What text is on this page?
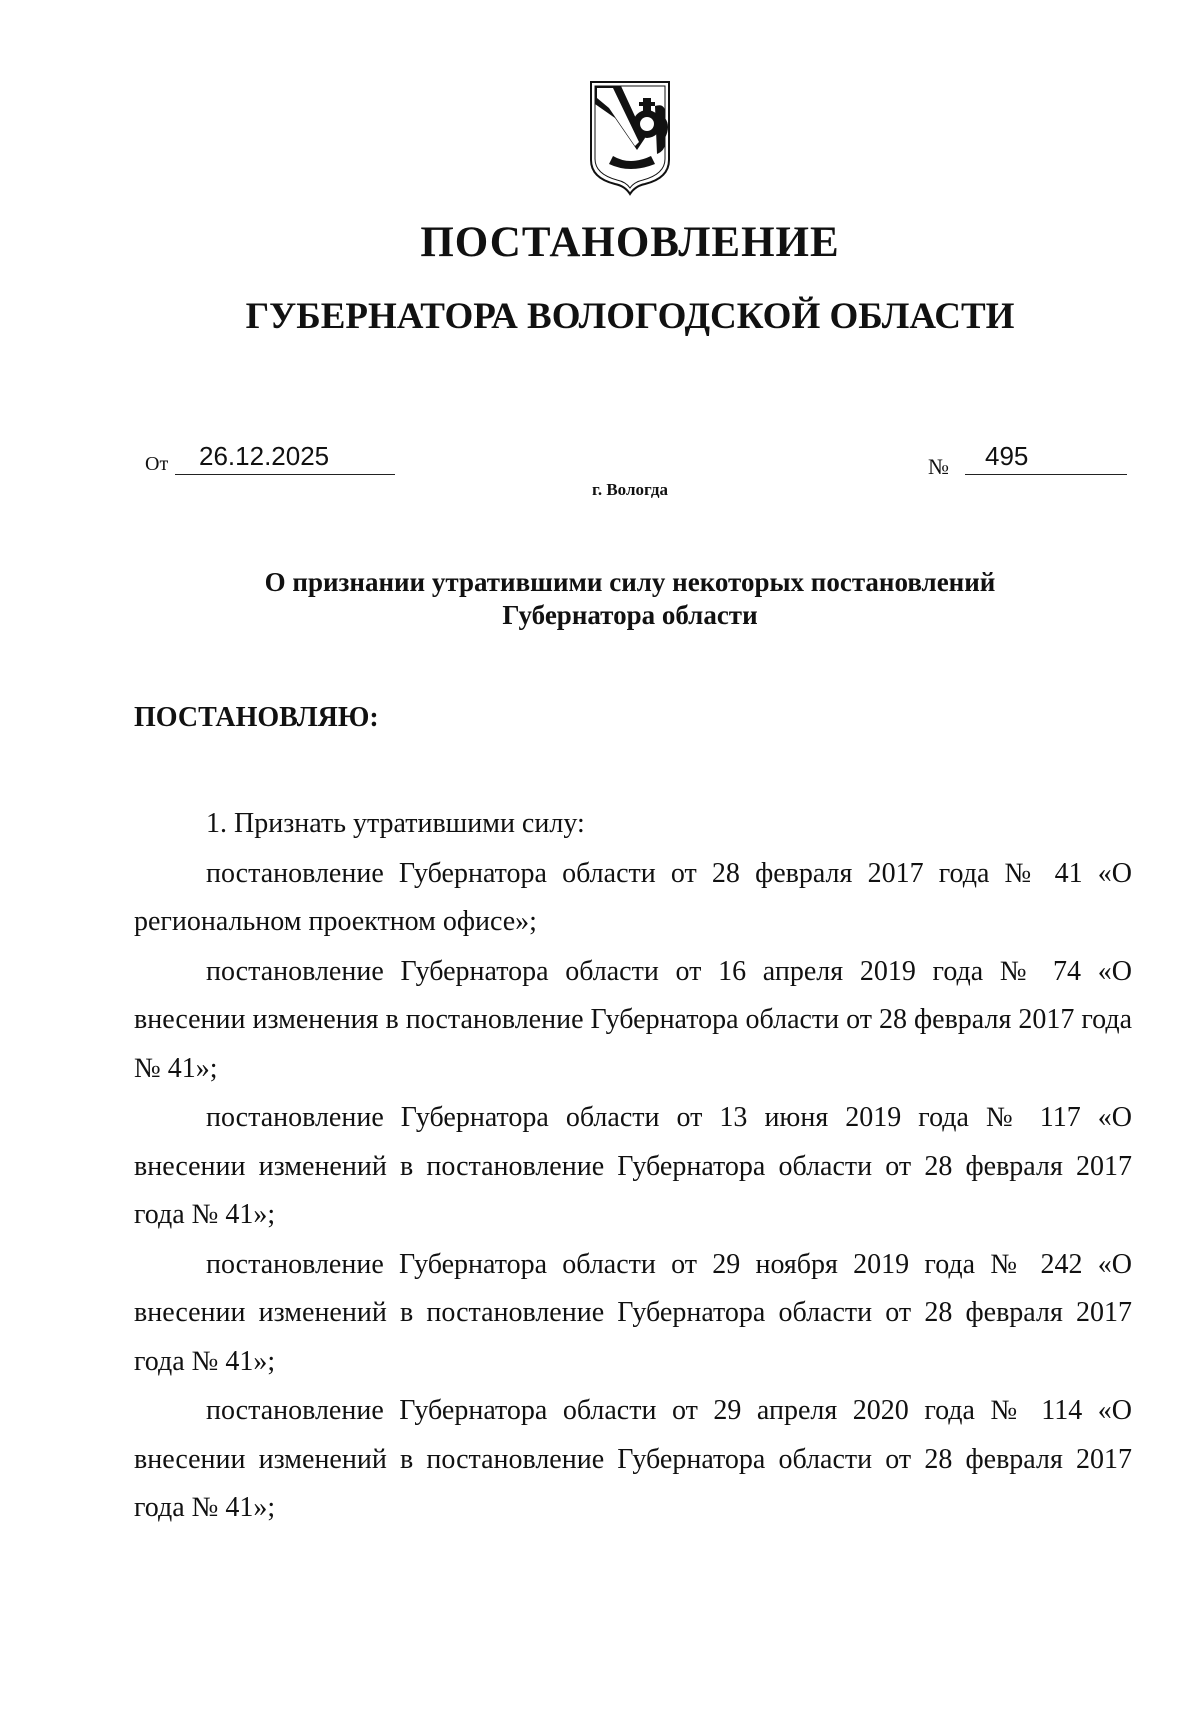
ПОСТАНОВЛЕНИЕ
ГУБЕРНАТОРА ВОЛОГОДСКОЙ ОБЛАСТИ
От	26.12.2025	№	495
г. Вологда
О признании утратившими силу некоторых постановлений
Губернатора области
ПОСТАНОВЛЯЮ:

1. Признать утратившими силу:

постановление Губернатора области от 28 февраля 2017 года № 41 «О региональном проектном офисе»;

постановление Губернатора области от 16 апреля 2019 года № 74 «О внесении изменения в постановление Губернатора области от 28 февраля 2017 года № 41»;

постановление Губернатора области от 13 июня 2019 года № 117 «О внесении изменений в постановление Губернатора области от 28 февраля 2017 года № 41»;

постановление Губернатора области от 29 ноября 2019 года № 242 «О внесении изменений в постановление Губернатора области от 28 февраля 2017 года № 41»;

постановление Губернатора области от 29 апреля 2020 года № 114 «О внесении изменений в постановление Губернатора области от 28 февраля 2017 года № 41»;
